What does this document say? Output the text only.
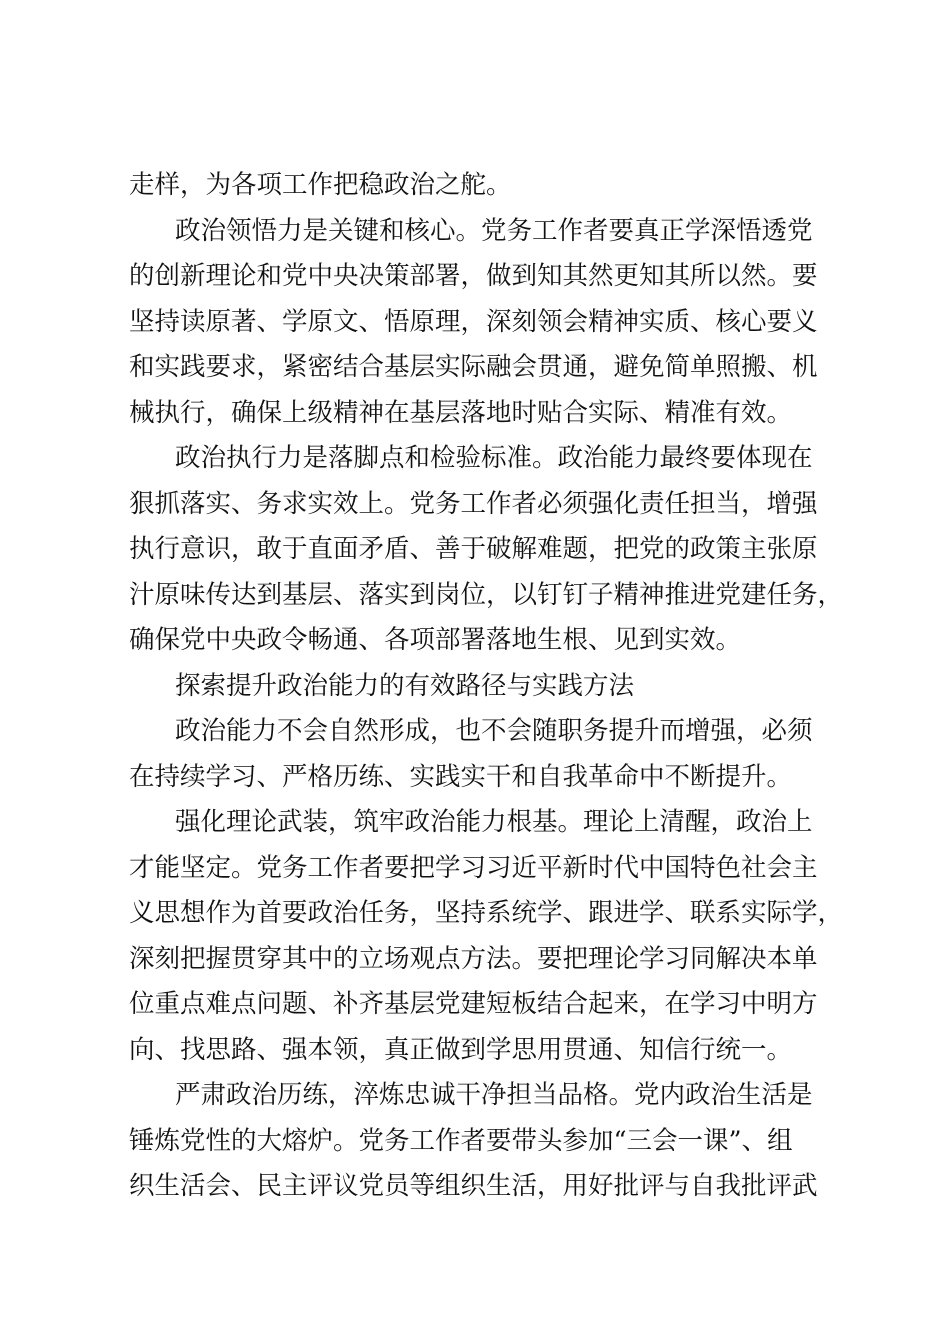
走样，为各项工作把稳政治之舵。
政治领悟力是关键和核心。党务工作者要真正学深悟透党
的创新理论和党中央决策部署，做到知其然更知其所以然。要
坚持读原著、学原文、悟原理，深刻领会精神实质、核心要义
和实践要求，紧密结合基层实际融会贯通，避免简单照搬、机
械执行，确保上级精神在基层落地时贴合实际、精准有效。
政治执行力是落脚点和检验标准。政治能力最终要体现在
狠抓落实、务求实效上。党务工作者必须强化责任担当，增强
执行意识，敢于直面矛盾、善于破解难题，把党的政策主张原
汁原味传达到基层、落实到岗位，以钉钉子精神推进党建任务，
确保党中央政令畅通、各项部署落地生根、见到实效。
探索提升政治能力的有效路径与实践方法
政治能力不会自然形成，也不会随职务提升而增强，必须
在持续学习、严格历练、实践实干和自我革命中不断提升。
强化理论武装，筑牢政治能力根基。理论上清醒，政治上
才能坚定。党务工作者要把学习习近平新时代中国特色社会主
义思想作为首要政治任务，坚持系统学、跟进学、联系实际学，
深刻把握贯穿其中的立场观点方法。要把理论学习同解决本单
位重点难点问题、补齐基层党建短板结合起来，在学习中明方
向、找思路、强本领，真正做到学思用贯通、知信行统一。
严肃政治历练，淬炼忠诚干净担当品格。党内政治生活是
锤炼党性的大熔炉。党务工作者要带头参加“三会一课”、组
织生活会、民主评议党员等组织生活，用好批评与自我批评武
